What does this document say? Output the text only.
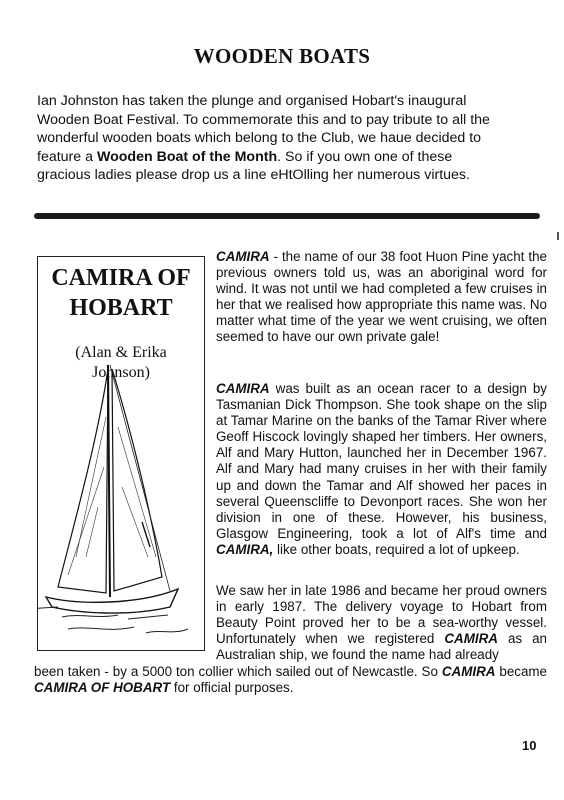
WOODEN BOATS
Ian Johnston has taken the plunge and organised Hobart's inaugural
Wooden Boat Festival. To commemorate this and to pay tribute to all the
wonderful wooden boats which belong to the Club, we haue decided to
feature a Wooden Boat of the Month. So if you own one of these
gracious ladies please drop us a line eHtOlling her numerous virtues.
CAMIRA OF
HOBART
(Alan & Erika
Johnson)
CAMIRA - the name of our 38 foot Huon Pine yacht the previous owners told us, was an aboriginal word for wind. It was not until we had completed a few cruises in her that we realised how appropriate this name was. No matter what time of the year we went cruising, we often seemed to have our own private gale!
CAMIRA was built as an ocean racer to a design by Tasmanian Dick Thompson. She took shape on the slip at Tamar Marine on the banks of the Tamar River where Geoff Hiscock lovingly shaped her timbers. Her owners, Alf and Mary Hutton, launched her in December 1967. Alf and Mary had many cruises in her with their family up and down the Tamar and Alf showed her paces in several Queenscliffe to Devonport races. She won her division in one of these. However, his business, Glasgow Engineering, took a lot of Alf's time and CAMIRA, like other boats, required a lot of upkeep.
We saw her in late 1986 and became her proud owners in early 1987. The delivery voyage to Hobart from Beauty Point proved her to be a sea-worthy vessel. Unfortunately when we registered CAMIRA as an Australian ship, we found the name had already
been taken - by a 5000 ton collier which sailed out of Newcastle. So CAMIRA became CAMIRA OF HOBART for official purposes.
10
